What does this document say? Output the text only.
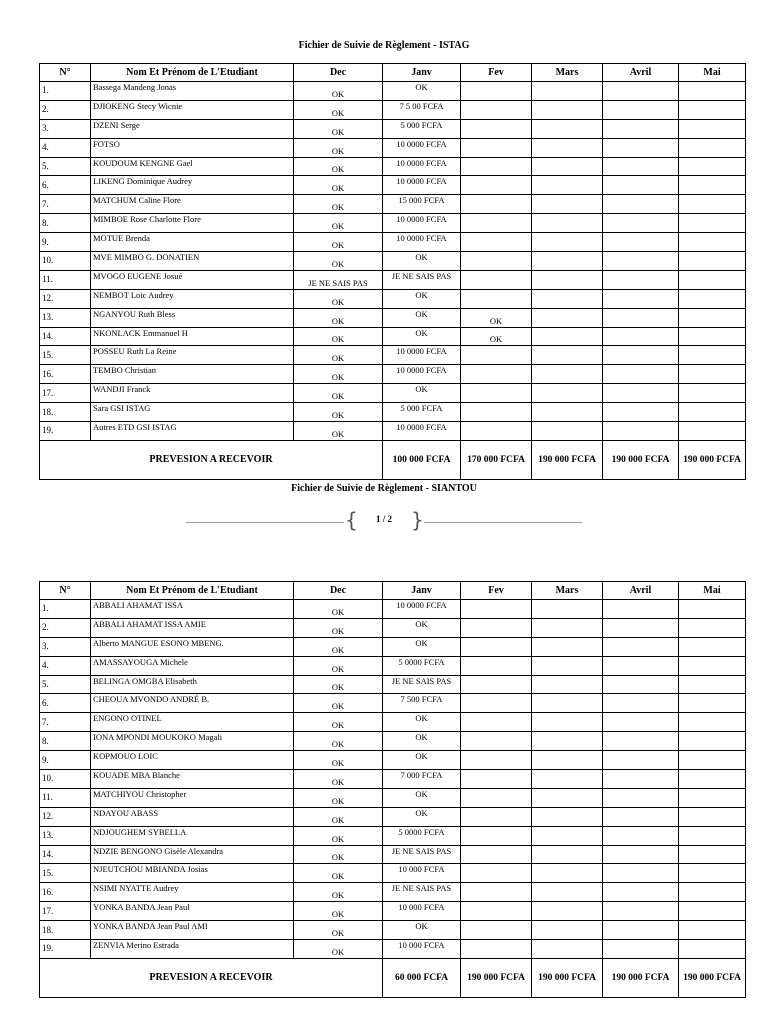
Fichier de Suivie de Règlement - ISTAG
N°	Nom Et Prénom de L'Etudiant	Dec	Janv	Fev	Mars	Avril	Mai
1.	Bassega Mandeng Jonas	OK	OK				
2.	DJIOKENG Stecy Wicnie	OK	7 5 00 FCFA				
3.	DZENI Serge	OK	5 000 FCFA				
4.	FOTSO	OK	10 0000 FCFA				
5.	KOUDOUM KENGNE Gael	OK	10 0000 FCFA				
6.	LIKENG Dominique Audrey	OK	10 0000 FCFA				
7.	MATCHUM Caline Flore	OK	15 000 FCFA				
8.	MIMBOE Rose Charlotte Flore	OK	10 0000 FCFA				
9.	MOTUE Brenda	OK	10 0000 FCFA				
10.	MVE MIMBO G. DONATIEN	OK	OK				
11.	MVOGO EUGENE Josué	JE NE SAIS PAS	JE NE SAIS PAS				
12.	NEMBOT Loic Audrey	OK	OK				
13.	NGANYOU Ruth Bless	OK	OK	OK			
14.	NKONLACK Emmanuel H	OK	OK	OK			
15.	POSSEU Ruth La Reine	OK	10 0000 FCFA				
16.	TEMBO Christian	OK	10 0000 FCFA				
17.	WANDJI Franck	OK	OK				
18.	Sara GSI ISTAG	OK	5 000 FCFA				
19.	Autres ETD GSI ISTAG	OK	10 0000 FCFA				
PREVESION A RECEVOIR			100 000 FCFA	170 000 FCFA	190 000 FCFA	190 000 FCFA	190 000 FCFA
Fichier de Suivie de Règlement - SIANTOU
{	1 / 2 }
N°	Nom Et Prénom de L'Etudiant	Dec	Janv	Fev	Mars	Avril	Mai
1.	ABBALI AHAMAT ISSA	OK	10 0000 FCFA				
2.	ABBALI AHAMAT ISSA AMIE	OK	OK				
3.	Alberto MANGUE ESONO MBENG.	OK	OK				
4.	AMASSAYOUGA Michele	OK	5 0000 FCFA				
5.	BELINGA OMGBA Elisabeth	OK	JE NE SAIS PAS				
6.	CHEOUA MVONDO ANDRÉ B.	OK	7 500 FCFA				
7.	ENGONO OTINEL	OK	OK				
8.	IONA MPONDI MOUKOKO Magali	OK	OK				
9.	KOPMOUO LOIC	OK	OK				
10.	KOUADE MBA Blanche	OK	7 000 FCFA				
11.	MATCHIYOU Christopher	OK	OK				
12.	NDAYOU ABASS	OK	OK				
13.	NDJOUGHEM SYBELLA	OK	5 0000 FCFA				
14.	NDZIE BENGONO Gisèle Alexandra	OK	JE NE SAIS PAS				
15.	NJEUTCHOU MBIANDA Josias	OK	10 000 FCFA				
16.	NSIMI NYATTE Audrey	OK	JE NE SAIS PAS				
17.	YONKA BANDA Jean Paul	OK	10 000 FCFA				
18.	YONKA BANDA Jean Paul AMI	OK	OK				
19.	ZENVIA Merino Estrada	OK	10 000 FCFA				
PREVESION A RECEVOIR			60 000 FCFA	190 000 FCFA	190 000 FCFA	190 000 FCFA	190 000 FCFA
